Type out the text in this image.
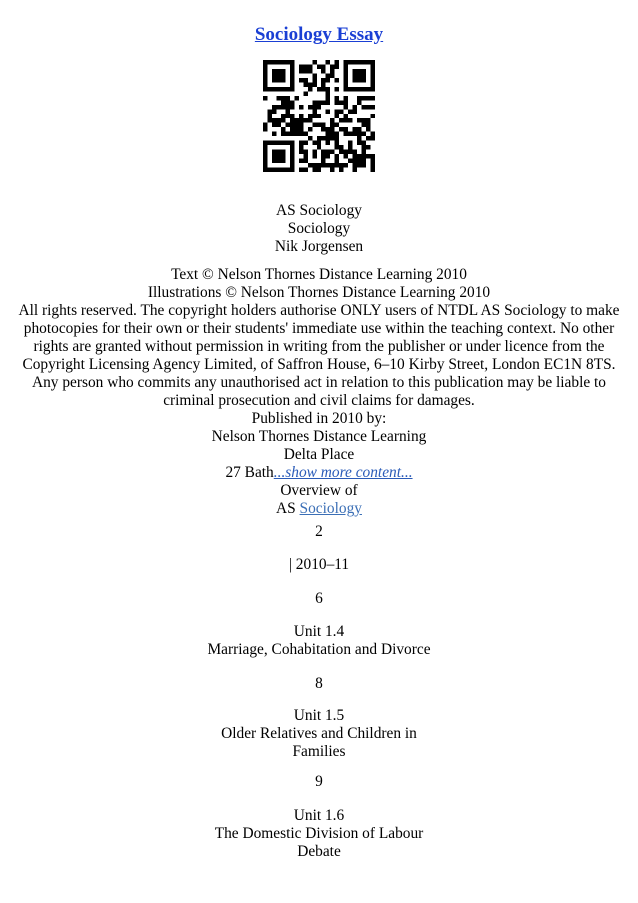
Sociology Essay
AS Sociology
Sociology
Nik Jorgensen
Text © Nelson Thornes Distance Learning 2010
Illustrations © Nelson Thornes Distance Learning 2010
All rights reserved. The copyright holders authorise ONLY users of NTDL AS Sociology to make
photocopies for their own or their students' immediate use within the teaching context. No other
rights are granted without permission in writing from the publisher or under licence from the
Copyright Licensing Agency Limited, of Saffron House, 6–10 Kirby Street, London EC1N 8TS.
Any person who commits any unauthorised act in relation to this publication may be liable to
criminal prosecution and civil claims for damages.
Published in 2010 by:
Nelson Thornes Distance Learning
Delta Place
27 Bath...show more content...
Overview of
AS Sociology
2
| 2010–11
6
Unit 1.4
Marriage, Cohabitation and Divorce
8
Unit 1.5
Older Relatives and Children in
Families
9
Unit 1.6
The Domestic Division of Labour
Debate
